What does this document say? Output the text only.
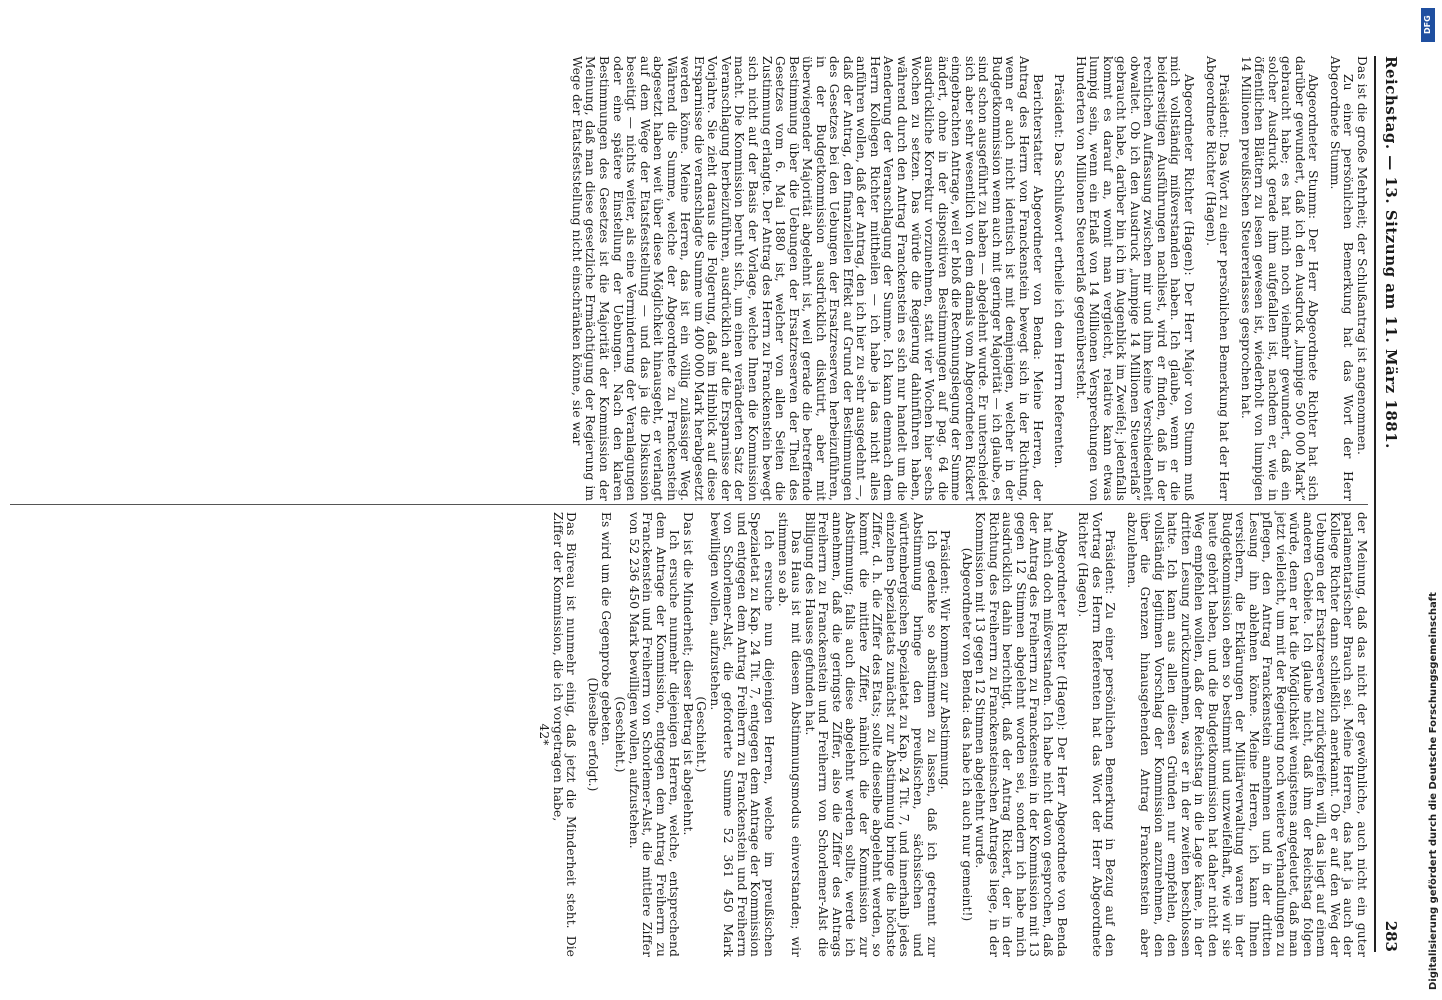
Reichstag. — 13. Sitzung am 11. März 1881.
283

Das ist die große Mehrheit; der Schlußantrag ist angenommen.

Zu einer persönlichen Bemerkung hat das Wort der Herr Abgeordnete Stumm.

Abgeordneter Stumm: Der Herr Abgeordnete Richter hat sich darüber gewundert, daß ich den Ausdruck „lumpige 500 000 Mark“ gebraucht habe; es hat mich noch vielmehr gewundert, daß ein solcher Ausdruck gerade ihm aufgefallen ist, nachdem er, wie in öffentlichen Blättern zu lesen gewesen ist, wiederholt von lumpigen 14 Millionen preußischen Steuererlasses gesprochen hat.

Präsident: Das Wort zu einer persönlichen Bemerkung hat der Herr Abgeordnete Richter (Hagen).

Abgeordneter Richter (Hagen): Der Herr Major von Stumm muß mich vollständig mißverstanden haben. Ich glaube, wenn er die beiderseitigen Ausführungen nachliest, wird er finden, daß in der rechtlichen Auffassung zwischen mir und ihm keine Verschiedenheit obwaltet. Ob ich den Ausdruck „lumpige 14 Millionen Steuererlaß“ gebraucht habe, darüber bin ich im Augenblick im Zweifel; jedenfalls kommt es darauf an, womit man vergleicht, relative kann etwas lumpig sein, wenn ein Erlaß von 14 Millionen Versprechungen von Hunderten von Millionen Steuererlaß gegenübersteht.

Präsident: Das Schlußwort ertheile ich dem Herrn Referenten.

Berichterstatter Abgeordneter von Benda: Meine Herren, der Antrag des Herrn von Franckenstein bewegt sich in der Richtung, wenn er auch nicht identisch ist mit demjenigen, welcher in der Budgetkommission wenn auch mit geringer Majorität — ich glaube, es sind schon ausgeführt zu haben — abgelehnt wurde. Er unterscheidet sich aber sehr wesentlich von dem damals vom Abgeordneten Rickert eingebrachten Antrage, weil er bloß die Rechnungslegung der Summe ändert, ohne in der dispositiven Bestimmungen auf pag. 64 die ausdrückliche Korrektur vorzunehmen, statt vier Wochen hier sechs Wochen zu setzen. Das würde die Regierung dahinführen haben, während durch den Antrag Franckenstein es sich nur handelt um die Aenderung der Veranschlagung der Summe. Ich kann demnach dem Herrn Kollegen Richter mittheilen — ich habe ja das nicht alles anführen wollen, daß der Antrag, den ich hier zu sehr ausgedehnt —, daß der Antrag, den finanziellen Effekt auf Grund der Bestimmungen des Gesetzes bei den Uebungen der Ersatzreserven herbeizuführen, in der Budgetkommission ausdrücklich diskutirt, aber mit überwiegender Majorität abgelehnt ist, weil gerade die betreffende Bestimmung über die Uebungen der Ersatzreserven der Theil des Gesetzes vom 6. Mai 1880 ist, welcher von allen Seiten die Zustimmung erlangte. Der Antrag des Herrn zu Franckenstein bewegt sich nicht auf der Basis der Vorlage, welche Ihnen die Kommission macht. Die Kommission beruht sich, um einen veränderten Satz der Veranschlagung herbeizuführen, ausdrücklich auf die Ersparnisse der Vorjahre. Sie zieht daraus die Folgerung, daß im Hinblick auf diese Ersparnisse die veranschlagte Summe um 400 000 Mark herabgesetzt werden könne. Meine Herren, das ist ein völlig zulässiger Weg. Während die Summe, welche der Abgeordnete zu Franckenstein abgesetzt haben weit über diese Möglichkeit hinausgeht, er verlangt auf dem Wege der Etatsfeststellung — und das ja die Diskussion beseitigt — nichts weiter, als eine Verminderung der Veranlagungen oder eine spätere Einstellung der Uebungen. Nach den klaren Bestimmungen des Gesetzes ist die Majorität der Kommission der Meinung, daß man diese gesetzliche Ermächtigung der Regierung im Wege der Etatsfeststellung nicht einschränken könne, sie war

der Meinung, daß das nicht der gewöhnliche, auch nicht ein guter parlamentarischer Brauch sei. Meine Herren, das hat ja auch der Kollege Richter dann schließlich anerkannt. Ob er auf den Weg der Uebungen der Ersatzreserven zurückgreifen will, das liegt auf einem anderen Gebiete. Ich glaube nicht, daß ihm der Reichstag folgen würde, denn er hat die Möglichkeit wenigstens angedeutet, daß man jetzt vielleicht, um mit der Regierung noch weitere Verhandlungen zu pflegen, den Antrag Franckenstein annehmen und in der dritten Lesung ihn ablehnen könne. Meine Herren, ich kann Ihnen versichern, die Erklärungen der Militärverwaltung waren in der Budgetkommission eben so bestimmt und unzweifelhaft, wie wir sie heute gehört haben, und die Budgetkommission hat daher nicht den Weg empfehlen wollen, daß der Reichstag in die Lage käme, in der dritten Lesung zurückzunehmen, was er in der zweiten beschlossen hatte. Ich kann aus allen diesen Gründen nur empfehlen, den vollständig legitimen Vorschlag der Kommission anzunehmen, den über die Grenzen hinausgehenden Antrag Franckenstein aber abzulehnen.

Präsident: Zu einer persönlichen Bemerkung in Bezug auf den Vortrag des Herrn Referenten hat das Wort der Herr Abgeordnete Richter (Hagen).

Abgeordneter Richter (Hagen): Der Herr Abgeordnete von Benda hat mich doch mißverstanden. Ich habe nicht davon gesprochen, daß der Antrag des Freiherrn zu Franckenstein in der Kommission mit 13 gegen 12 Stimmen abgelehnt worden sei, sondern ich habe mich ausdrücklich dahin berichtigt, daß der Antrag Rickert, der in der Richtung des Freiherrn zu Franckensteinschen Antrages liege, in der Kommission mit 13 gegen 12 Stimmen abgelehnt wurde.

(Abgeordneter von Benda: das habe ich auch nur gemeint!)

Präsident: Wir kommen zur Abstimmung.

Ich gedenke so abstimmen zu lassen, daß ich getrennt zur Abstimmung bringe den preußischen, sächsischen und württembergischen Spezialetat zu Kap. 24 Tit. 7, und innerhalb jedes einzelnen Spezialetats zunächst zur Abstimmung bringe die höchste Ziffer, d. h. die Ziffer des Etats; sollte dieselbe abgelehnt werden, so kommt die mittlere Ziffer, nämlich die der Kommission zur Abstimmung; falls auch diese abgelehnt werden sollte, werde ich annehmen, daß die geringste Ziffer, also die Ziffer des Antrags Freiherrn zu Franckenstein und Freiherrn von Schorlemer-Alst die Billigung des Hauses gefunden hat.

Das Haus ist mit diesem Abstimmungsmodus einverstanden; wir stimmen so ab.

Ich ersuche nun diejenigen Herren, welche im preußischen Spezialetat zu Kap. 24 Tit. 7, entgegen dem Antrage der Kommission und entgegen dem Antrag Freiherrn zu Franckenstein und Freiherrn von Schorlemer-Alst, die geforderte Summe 52 361 450 Mark bewilligen wollen, aufzustehen.

(Geschieht.)

Das ist die Minderheit; dieser Betrag ist abgelehnt.

Ich ersuche nunmehr diejenigen Herren, welche, entsprechend dem Antrage der Kommission, entgegen dem Antrag Freiherrn zu Franckenstein und Freiherrn von Schorlemer-Alst, die mittlere Ziffer von 52 236 450 Mark bewilligen wollen, aufzustehen.

(Geschieht.)

Es wird um die Gegenprobe gebeten.

(Dieselbe erfolgt.)

Das Büreau ist nunmehr einig, daß jetzt die Minderheit steht. Die Ziffer der Kommission, die ich vorgetragen habe,

42*

DFG
Digitalisierung gefördert durch die Deutsche Forschungsgemeinschaft
